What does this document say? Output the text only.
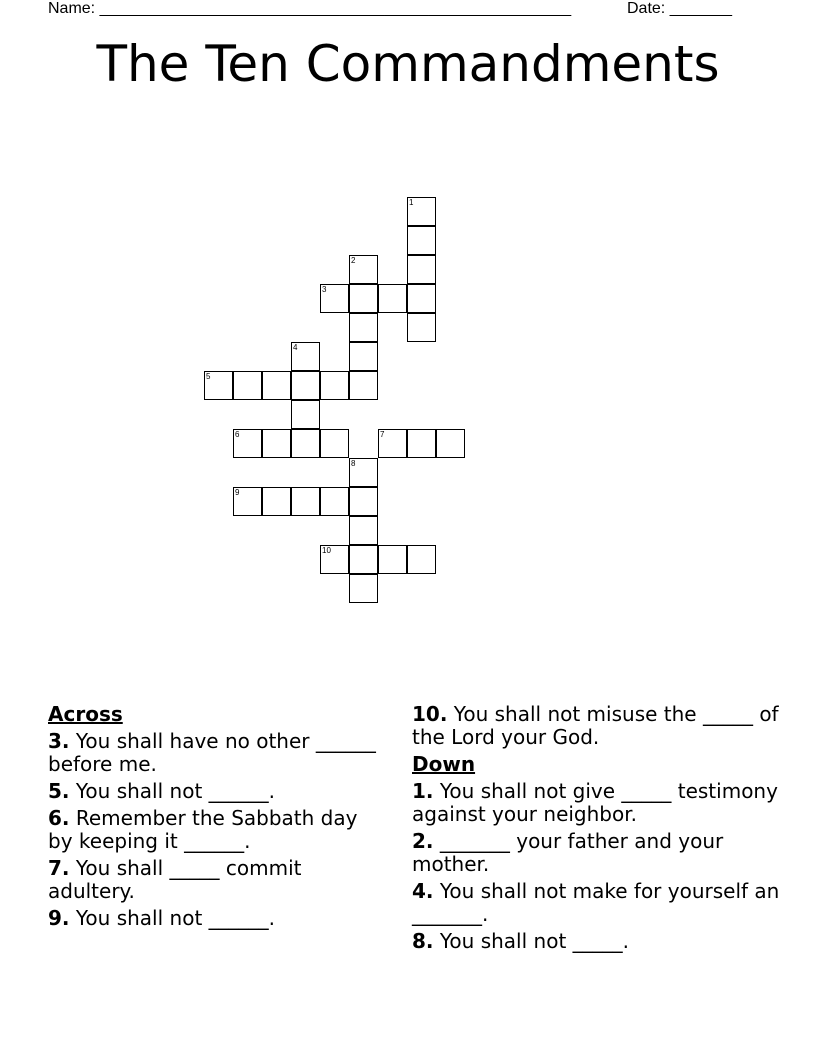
Name: _____________________________________________________	Date: _______
The Ten Commandments
1
2
3
4
5
6	7
8
9
10
Across
3. You shall have no other ______ before me.
5. You shall not ______.
6. Remember the Sabbath day by keeping it ______.
7. You shall _____ commit adultery.
9. You shall not ______.
10. You shall not misuse the _____ of the Lord your God.
Down
1. You shall not give _____ testimony against your neighbor.
2. _______ your father and your mother.
4. You shall not make for yourself an _______.
8. You shall not _____.
